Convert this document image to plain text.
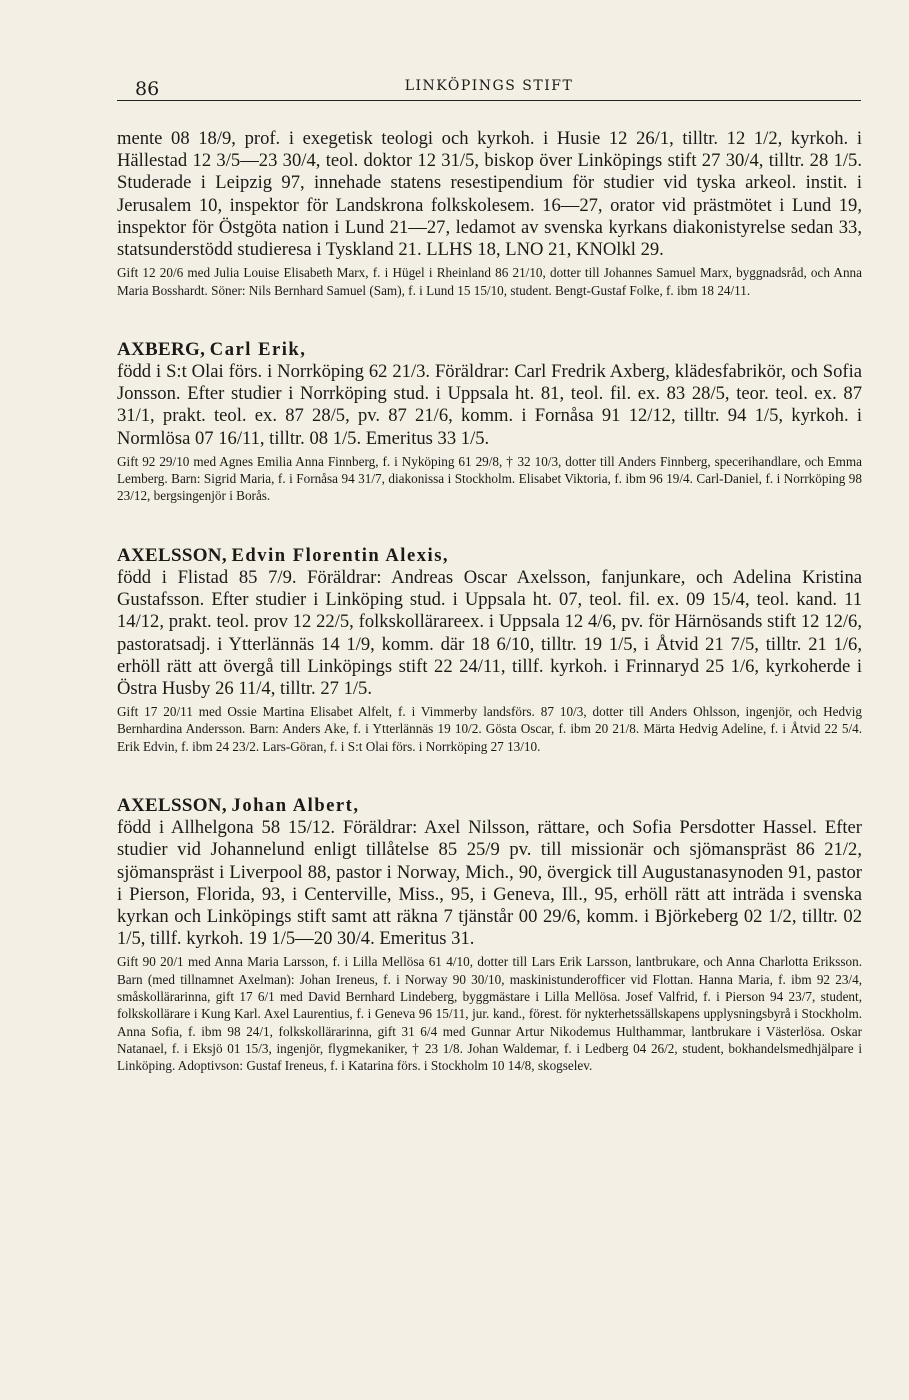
86	LINKÖPINGS STIFT

mente 08 18/9, prof. i exegetisk teologi och kyrkoh. i Husie 12 26/1, tilltr. 12 1/2, kyrkoh. i Hällestad 12 3/5—23 30/4, teol. doktor 12 31/5, biskop över Linköpings stift 27 30/4, tilltr. 28 1/5. Studerade i Leipzig 97, innehade statens resestipendium för studier vid tyska arkeol. instit. i Jerusalem 10, inspektor för Landskrona folkskolesem. 16—27, orator vid prästmötet i Lund 19, inspektor för Östgöta nation i Lund 21—27, ledamot av svenska kyrkans diakonistyrelse sedan 33, statsunderstödd studieresa i Tyskland 21. LLHS 18, LNO 21, KNOlkl 29.

Gift 12 20/6 med Julia Louise Elisabeth Marx, f. i Hügel i Rheinland 86 21/10, dotter till Johannes Samuel Marx, byggnadsråd, och Anna Maria Bosshardt. Söner: Nils Bernhard Samuel (Sam), f. i Lund 15 15/10, student. Bengt-Gustaf Folke, f. ibm 18 24/11.

AXBERG, Carl Erik,

född i S:t Olai förs. i Norrköping 62 21/3. Föräldrar: Carl Fredrik Axberg, klädesfabrikör, och Sofia Jonsson. Efter studier i Norrköping stud. i Uppsala ht. 81, teol. fil. ex. 83 28/5, teor. teol. ex. 87 31/1, prakt. teol. ex. 87 28/5, pv. 87 21/6, komm. i Fornåsa 91 12/12, tilltr. 94 1/5, kyrkoh. i Normlösa 07 16/11, tilltr. 08 1/5. Emeritus 33 1/5.

Gift 92 29/10 med Agnes Emilia Anna Finnberg, f. i Nyköping 61 29/8, † 32 10/3, dotter till Anders Finnberg, specerihandlare, och Emma Lemberg. Barn: Sigrid Maria, f. i Fornåsa 94 31/7, diakonissa i Stockholm. Elisabet Viktoria, f. ibm 96 19/4. Carl-Daniel, f. i Norrköping 98 23/12, bergsingenjör i Borås.

AXELSSON, Edvin Florentin Alexis,

född i Flistad 85 7/9. Föräldrar: Andreas Oscar Axelsson, fanjunkare, och Adelina Kristina Gustafsson. Efter studier i Linköping stud. i Uppsala ht. 07, teol. fil. ex. 09 15/4, teol. kand. 11 14/12, prakt. teol. prov 12 22/5, folkskollärareex. i Uppsala 12 4/6, pv. för Härnösands stift 12 12/6, pastoratsadj. i Ytterlännäs 14 1/9, komm. där 18 6/10, tilltr. 19 1/5, i Åtvid 21 7/5, tilltr. 21 1/6, erhöll rätt att övergå till Linköpings stift 22 24/11, tillf. kyrkoh. i Frinnaryd 25 1/6, kyrkoherde i Östra Husby 26 11/4, tilltr. 27 1/5.

Gift 17 20/11 med Ossie Martina Elisabet Alfelt, f. i Vimmerby landsförs. 87 10/3, dotter till Anders Ohlsson, ingenjör, och Hedvig Bernhardina Andersson. Barn: Anders Ake, f. i Ytterlännäs 19 10/2. Gösta Oscar, f. ibm 20 21/8. Märta Hedvig Adeline, f. i Åtvid 22 5/4. Erik Edvin, f. ibm 24 23/2. Lars-Göran, f. i S:t Olai förs. i Norrköping 27 13/10.

AXELSSON, Johan Albert,

född i Allhelgona 58 15/12. Föräldrar: Axel Nilsson, rättare, och Sofia Persdotter Hassel. Efter studier vid Johannelund enligt tillåtelse 85 25/9 pv. till missionär och sjömanspräst 86 21/2, sjömanspräst i Liverpool 88, pastor i Norway, Mich., 90, övergick till Augustanasynoden 91, pastor i Pierson, Florida, 93, i Centerville, Miss., 95, i Geneva, Ill., 95, erhöll rätt att inträda i svenska kyrkan och Linköpings stift samt att räkna 7 tjänstår 00 29/6, komm. i Björkeberg 02 1/2, tilltr. 02 1/5, tillf. kyrkoh. 19 1/5—20 30/4. Emeritus 31.

Gift 90 20/1 med Anna Maria Larsson, f. i Lilla Mellösa 61 4/10, dotter till Lars Erik Larsson, lantbrukare, och Anna Charlotta Eriksson. Barn (med tillnamnet Axelman): Johan Ireneus, f. i Norway 90 30/10, maskinistunderofficer vid Flottan. Hanna Maria, f. ibm 92 23/4, småskollärarinna, gift 17 6/1 med David Bernhard Lindeberg, byggmästare i Lilla Mellösa. Josef Valfrid, f. i Pierson 94 23/7, student, folkskollärare i Kung Karl. Axel Laurentius, f. i Geneva 96 15/11, jur. kand., förest. för nykterhetssällskapens upplysningsbyrå i Stockholm. Anna Sofia, f. ibm 98 24/1, folkskollärarinna, gift 31 6/4 med Gunnar Artur Nikodemus Hulthammar, lantbrukare i Västerlösa. Oskar Natanael, f. i Eksjö 01 15/3, ingenjör, flygmekaniker, † 23 1/8. Johan Waldemar, f. i Ledberg 04 26/2, student, bokhandelsmedhjälpare i Linköping. Adoptivson: Gustaf Ireneus, f. i Katarina förs. i Stockholm 10 14/8, skogselev.
